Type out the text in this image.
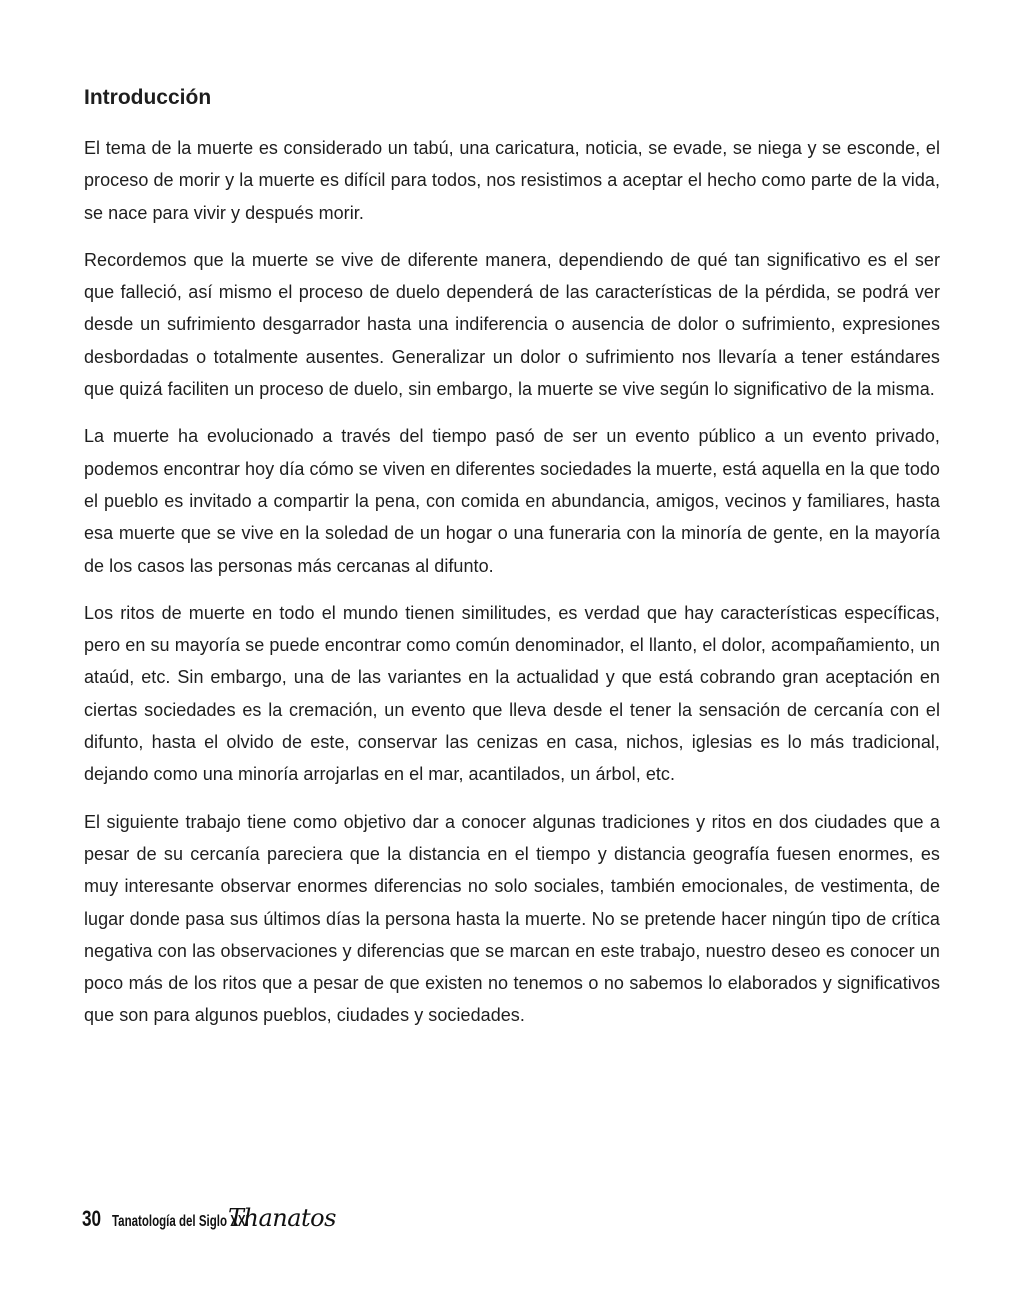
Introducción

El tema de la muerte es considerado un tabú, una caricatura, noticia, se evade, se niega y se esconde, el proceso de morir y la muerte es difícil para todos, nos resistimos a aceptar el hecho como parte de la vida, se nace para vivir y después morir.

Recordemos que la muerte se vive de diferente manera, dependiendo de qué tan significativo es el ser que falleció, así mismo el proceso de duelo dependerá de las características de la pérdida, se podrá ver desde un sufrimiento desgarrador hasta una indiferencia o ausencia de dolor o sufrimiento, expresiones desbordadas o totalmente ausentes. Generalizar un dolor o sufrimiento nos llevaría a tener estándares que quizá faciliten un proceso de duelo, sin embargo, la muerte se vive según lo significativo de la misma.

La muerte ha evolucionado a través del tiempo pasó de ser un evento público a un evento privado, podemos encontrar hoy día cómo se viven en diferentes sociedades la muerte, está aquella en la que todo el pueblo es invitado a compartir la pena, con comida en abundancia, amigos, vecinos y familiares, hasta esa muerte que se vive en la soledad de un hogar o una funeraria con la minoría de gente, en la mayoría de los casos las personas más cercanas al difunto.

Los ritos de muerte en todo el mundo tienen similitudes, es verdad que hay características específicas, pero en su mayoría se puede encontrar como común denominador, el llanto, el dolor, acompañamiento, un ataúd, etc. Sin embargo, una de las variantes en la actualidad y que está cobrando gran aceptación en ciertas sociedades es la cremación, un evento que lleva desde el tener la sensación de cercanía con el difunto, hasta el olvido de este, conservar las cenizas en casa, nichos, iglesias es lo más tradicional, dejando como una minoría arrojarlas en el mar, acantilados, un árbol, etc.

El siguiente trabajo tiene como objetivo dar a conocer algunas tradiciones y ritos en dos ciudades que a pesar de su cercanía pareciera que la distancia en el tiempo y distancia geografía fuesen enormes, es muy interesante observar enormes diferencias no solo sociales, también emocionales, de vestimenta, de lugar donde pasa sus últimos días la persona hasta la muerte. No se pretende hacer ningún tipo de crítica negativa con las observaciones y diferencias que se marcan en este trabajo, nuestro deseo es conocer un poco más de los ritos que a pesar de que existen no tenemos o no sabemos lo elaborados y significativos que son para algunos pueblos, ciudades y sociedades.

30 Tanatología del Siglo XXI
Thanatos
